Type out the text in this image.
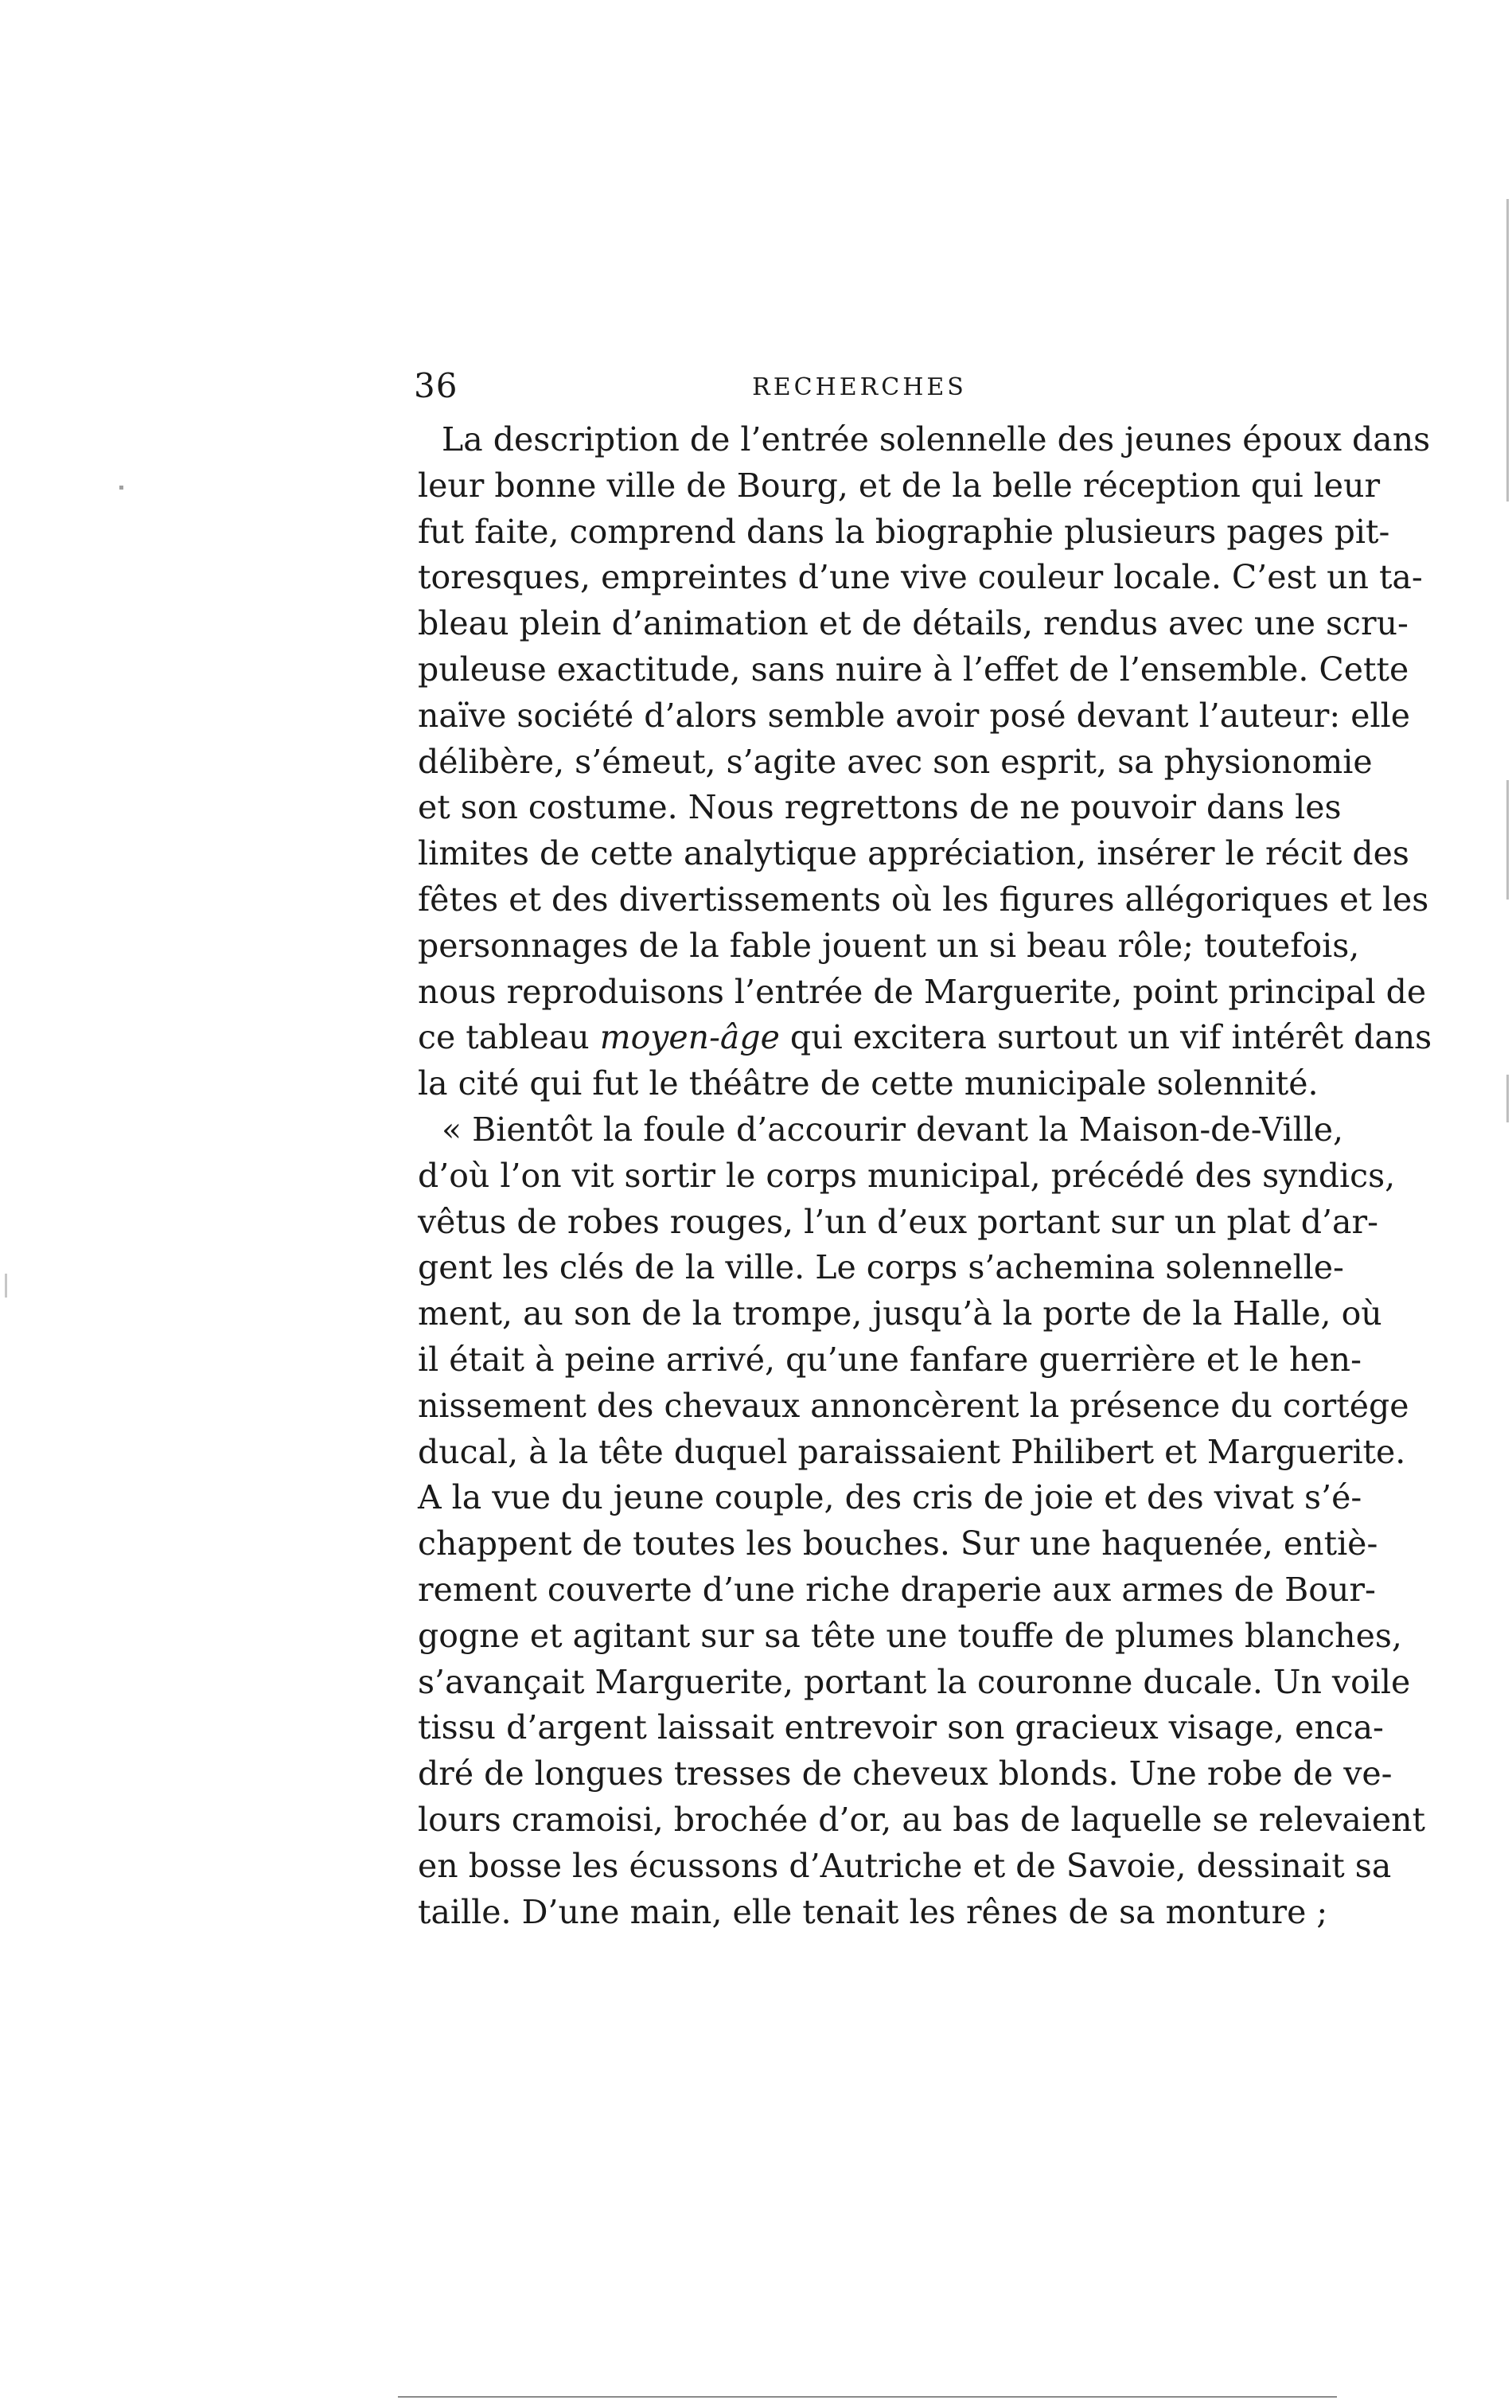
36	RECHERCHES

La description de l’entrée solennelle des jeunes époux dans
leur bonne ville de Bourg, et de la belle réception qui leur
fut faite, comprend dans la biographie plusieurs pages pit-
toresques, empreintes d’une vive couleur locale. C’est un ta-
bleau plein d’animation et de détails, rendus avec une scru-
puleuse exactitude, sans nuire à l’effet de l’ensemble. Cette
naïve société d’alors semble avoir posé devant l’auteur: elle
délibère, s’émeut, s’agite avec son esprit, sa physionomie
et son costume. Nous regrettons de ne pouvoir dans les
limites de cette analytique appréciation, insérer le récit des
fêtes et des divertissements où les figures allégoriques et les
personnages de la fable jouent un si beau rôle; toutefois,
nous reproduisons l’entrée de Marguerite, point principal de
ce tableau moyen-âge qui excitera surtout un vif intérêt dans
la cité qui fut le théâtre de cette municipale solennité.

« Bientôt la foule d’accourir devant la Maison-de-Ville,
d’où l’on vit sortir le corps municipal, précédé des syndics,
vêtus de robes rouges, l’un d’eux portant sur un plat d’ar-
gent les clés de la ville. Le corps s’achemina solennelle-
ment, au son de la trompe, jusqu’à la porte de la Halle, où
il était à peine arrivé, qu’une fanfare guerrière et le hen-
nissement des chevaux annoncèrent la présence du cortége
ducal, à la tête duquel paraissaient Philibert et Marguerite.
A la vue du jeune couple, des cris de joie et des vivat s’é-
chappent de toutes les bouches. Sur une haquenée, entiè-
rement couverte d’une riche draperie aux armes de Bour-
gogne et agitant sur sa tête une touffe de plumes blanches,
s’avançait Marguerite, portant la couronne ducale. Un voile
tissu d’argent laissait entrevoir son gracieux visage, enca-
dré de longues tresses de cheveux blonds. Une robe de ve-
lours cramoisi, brochée d’or, au bas de laquelle se relevaient
en bosse les écussons d’Autriche et de Savoie, dessinait sa
taille. D’une main, elle tenait les rênes de sa monture ;
